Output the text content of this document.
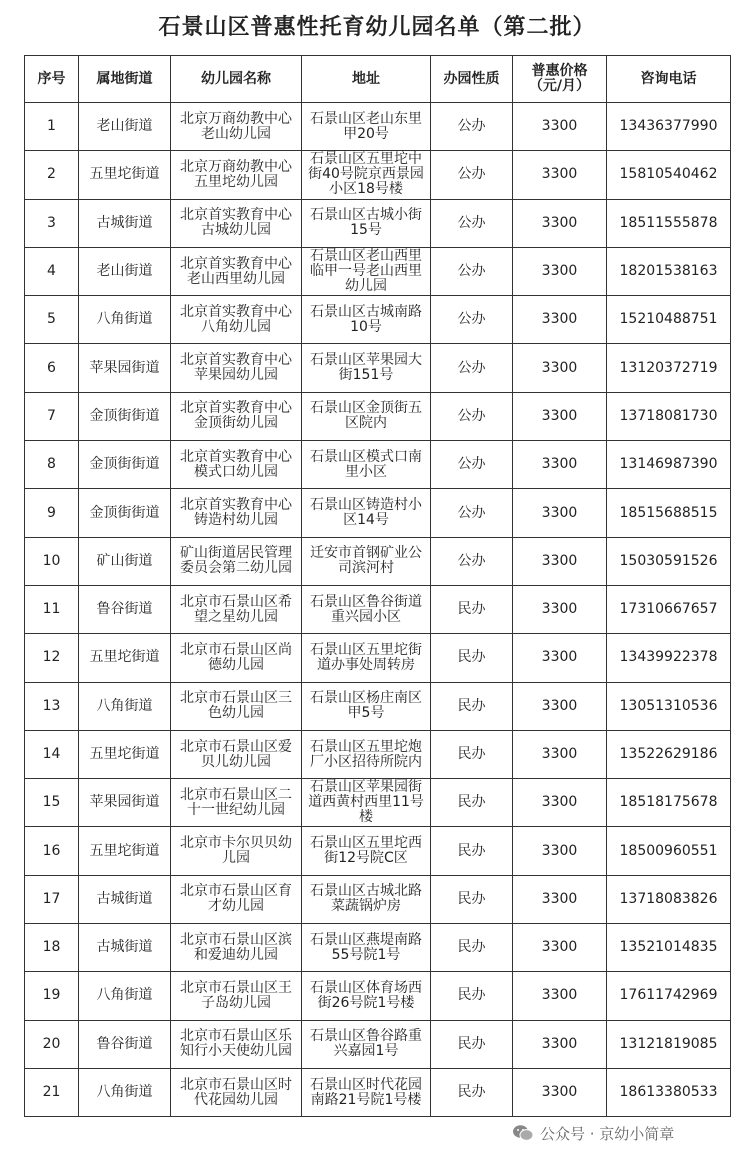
石景山区普惠性托育幼儿园名单（第二批）
序号	属地街道	幼儿园名称	地址	办园性质	普惠价格（元/月）	咨询电话
1	老山街道	北京万商幼教中心老山幼儿园	石景山区老山东里甲20号	公办	3300	13436377990
2	五里坨街道	北京万商幼教中心五里坨幼儿园	石景山区五里坨中街40号院京西景园小区18号楼	公办	3300	15810540462
3	古城街道	北京首实教育中心古城幼儿园	石景山区古城小街15号	公办	3300	18511555878
4	老山街道	北京首实教育中心老山西里幼儿园	石景山区老山西里临甲一号老山西里幼儿园	公办	3300	18201538163
5	八角街道	北京首实教育中心八角幼儿园	石景山区古城南路10号	公办	3300	15210488751
6	苹果园街道	北京首实教育中心苹果园幼儿园	石景山区苹果园大街151号	公办	3300	13120372719
7	金顶街街道	北京首实教育中心金顶街幼儿园	石景山区金顶街五区院内	公办	3300	13718081730
8	金顶街街道	北京首实教育中心模式口幼儿园	石景山区模式口南里小区	公办	3300	13146987390
9	金顶街街道	北京首实教育中心铸造村幼儿园	石景山区铸造村小区14号	公办	3300	18515688515
10	矿山街道	矿山街道居民管理委员会第二幼儿园	迁安市首钢矿业公司滨河村	公办	3300	15030591526
11	鲁谷街道	北京市石景山区希望之星幼儿园	石景山区鲁谷街道重兴园小区	民办	3300	17310667657
12	五里坨街道	北京市石景山区尚德幼儿园	石景山区五里坨街道办事处周转房	民办	3300	13439922378
13	八角街道	北京市石景山区三色幼儿园	石景山区杨庄南区甲5号	民办	3300	13051310536
14	五里坨街道	北京市石景山区爱贝儿幼儿园	石景山区五里坨炮厂小区招待所院内	民办	3300	13522629186
15	苹果园街道	北京市石景山区二十一世纪幼儿园	石景山区苹果园街道西黄村西里11号楼	民办	3300	18518175678
16	五里坨街道	北京市卡尔贝贝幼儿园	石景山区五里坨西街12号院C区	民办	3300	18500960551
17	古城街道	北京市石景山区育才幼儿园	石景山区古城北路菜蔬锅炉房	民办	3300	13718083826
18	古城街道	北京市石景山区滨和爱迪幼儿园	石景山区燕堤南路55号院1号	民办	3300	13521014835
19	八角街道	北京市石景山区王子岛幼儿园	石景山区体育场西街26号院1号楼	民办	3300	17611742969
20	鲁谷街道	北京市石景山区乐知行小天使幼儿园	石景山区鲁谷路重兴嘉园1号	民办	3300	13121819085
21	八角街道	北京市石景山区时代花园幼儿园	石景山区时代花园南路21号院1号楼	民办	3300	18613380533
公众号 · 京幼小简章
